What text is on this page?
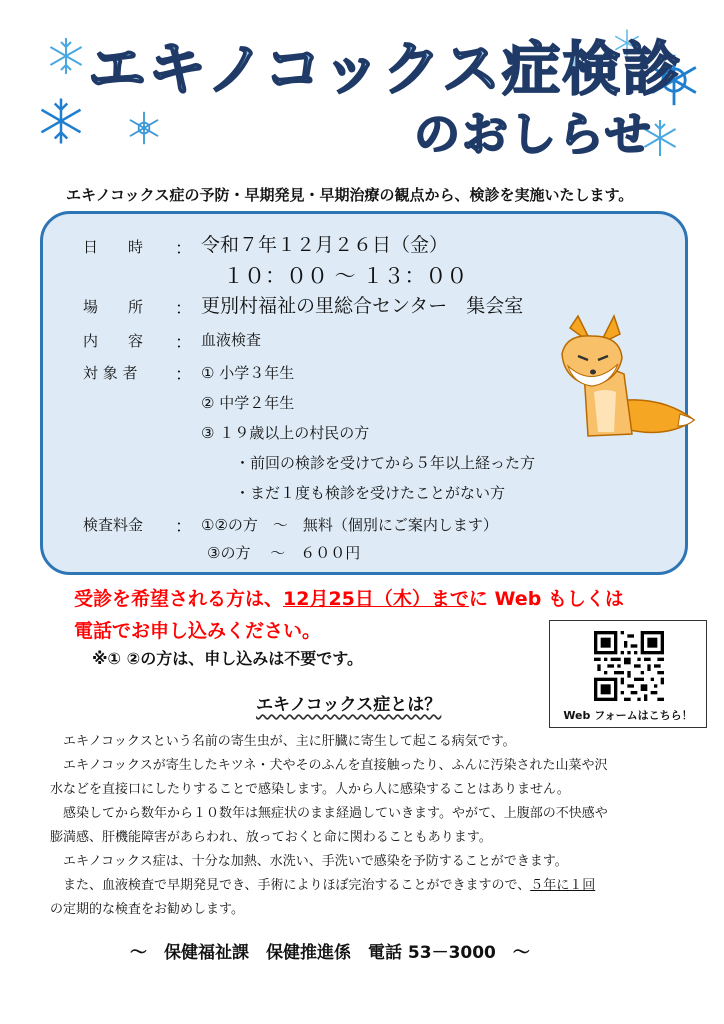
エキノコックス症検診
のおしらせ
エキノコックス症の予防・早期発見・早期治療の観点から、検診を実施いたします。
日　　時 ： 令和７年１２月２６日（金）
１０：００ ～ １３：００
場　　所 ： 更別村福祉の里総合センター　集会室
内　　容 ： 血液検査
対 象 者 ： ① 小学３年生
② 中学２年生
③ １９歳以上の村民の方
・前回の検診を受けてから５年以上経った方
・まだ１度も検診を受けたことがない方
検査料金 ： ①②の方　～　無料（個別にご案内します）
③の方　 ～　６００円
受診を希望される方は、12月25日（木）までに Web もしくは
電話でお申し込みください。
※① ②の方は、申し込みは不要です。
Web フォームはこちら！
エキノコックス症とは？
　エキノコックスという名前の寄生虫が、主に肝臓に寄生して起こる病気です。
　エキノコックスが寄生したキツネ・犬やそのふんを直接触ったり、ふんに汚染された山菜や沢
水などを直接口にしたりすることで感染します。人から人に感染することはありません。
　感染してから数年から１０数年は無症状のまま経過していきます。やがて、上腹部の不快感や
膨満感、肝機能障害があらわれ、放っておくと命に関わることもあります。
　エキノコックス症は、十分な加熱、水洗い、手洗いで感染を予防することができます。
　また、血液検査で早期発見でき、手術によりほぼ完治することができますので、５年に１回
の定期的な検査をお勧めします。
～　保健福祉課　保健推進係　電話 53－3000　～
